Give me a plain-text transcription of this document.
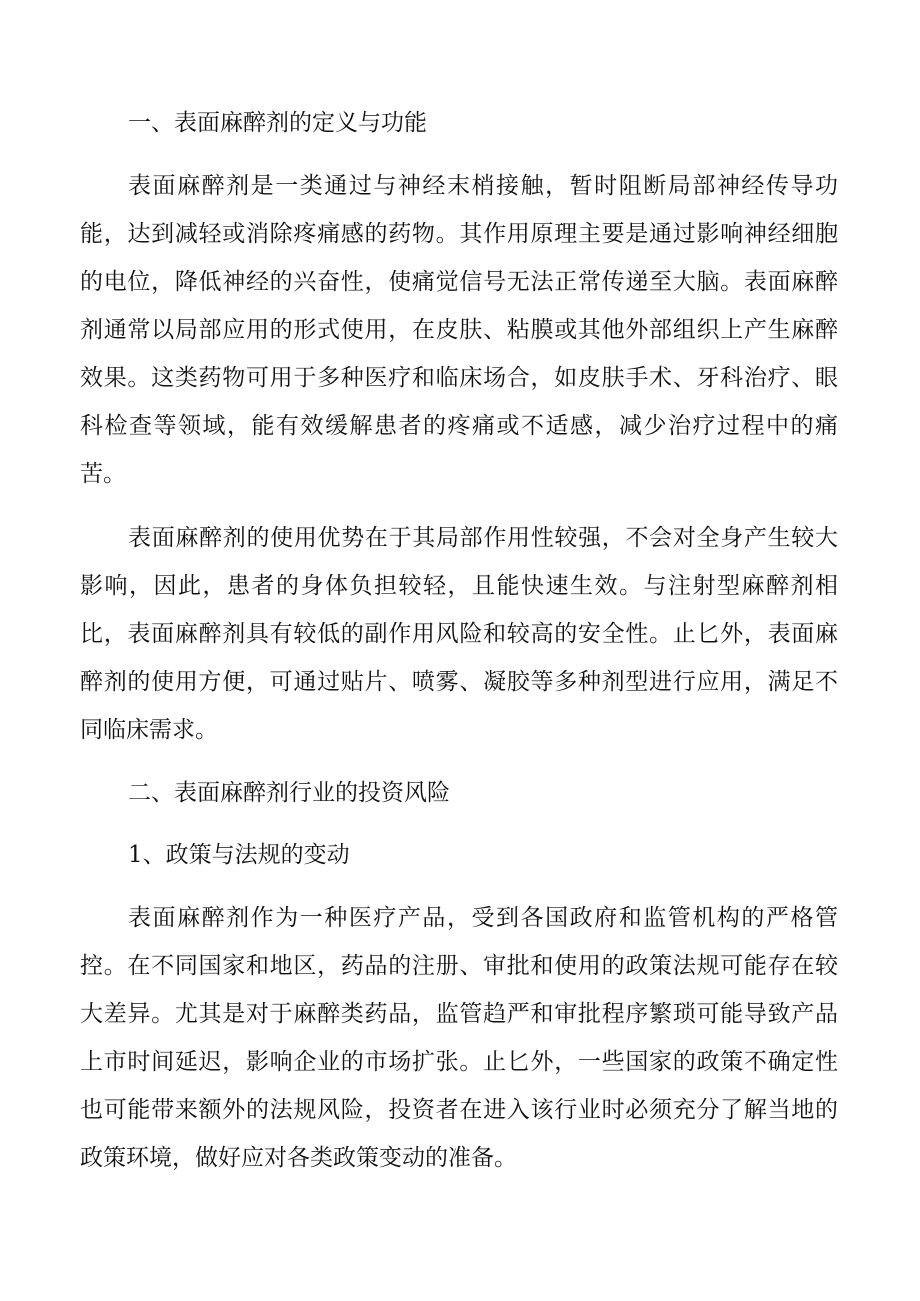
一、表面麻醉剂的定义与功能

表面麻醉剂是一类通过与神经末梢接触，暂时阻断局部神经传导功能，达到减轻或消除疼痛感的药物。其作用原理主要是通过影响神经细胞的电位，降低神经的兴奋性，使痛觉信号无法正常传递至大脑。表面麻醉剂通常以局部应用的形式使用，在皮肤、粘膜或其他外部组织上产生麻醉效果。这类药物可用于多种医疗和临床场合，如皮肤手术、牙科治疗、眼科检查等领域，能有效缓解患者的疼痛或不适感，减少治疗过程中的痛苦。

表面麻醉剂的使用优势在于其局部作用性较强，不会对全身产生较大影响，因此，患者的身体负担较轻，且能快速生效。与注射型麻醉剂相比，表面麻醉剂具有较低的副作用风险和较高的安全性。止匕外，表面麻醉剂的使用方便，可通过贴片、喷雾、凝胶等多种剂型进行应用，满足不同临床需求。

二、表面麻醉剂行业的投资风险
1、政策与法规的变动

表面麻醉剂作为一种医疗产品，受到各国政府和监管机构的严格管控。在不同国家和地区，药品的注册、审批和使用的政策法规可能存在较大差异。尤其是对于麻醉类药品，监管趋严和审批程序繁琐可能导致产品上市时间延迟，影响企业的市场扩张。止匕外，一些国家的政策不确定性也可能带来额外的法规风险，投资者在进入该行业时必须充分了解当地的政策环境，做好应对各类政策变动的准备。
